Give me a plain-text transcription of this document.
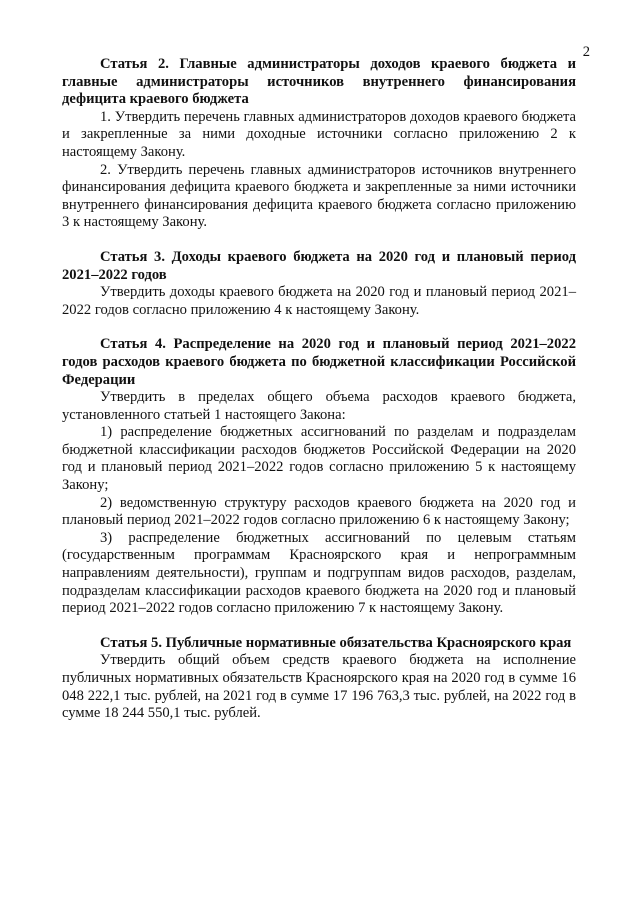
2

Статья 2. Главные администраторы доходов краевого бюджета и главные администраторы источников внутреннего финансирования дефицита краевого бюджета

1. Утвердить перечень главных администраторов доходов краевого бюджета и закрепленные за ними доходные источники согласно приложению 2 к настоящему Закону.

2. Утвердить перечень главных администраторов источников внутреннего финансирования дефицита краевого бюджета и закрепленные за ними источники внутреннего финансирования дефицита краевого бюджета согласно приложению 3 к настоящему Закону.

Статья 3. Доходы краевого бюджета на 2020 год и плановый период 2021–2022 годов

Утвердить доходы краевого бюджета на 2020 год и плановый период 2021–2022 годов согласно приложению 4 к настоящему Закону.

Статья 4. Распределение на 2020 год и плановый период 2021–2022 годов расходов краевого бюджета по бюджетной классификации Российской Федерации

Утвердить в пределах общего объема расходов краевого бюджета, установленного статьей 1 настоящего Закона:

1) распределение бюджетных ассигнований по разделам и подразделам бюджетной классификации расходов бюджетов Российской Федерации на 2020 год и плановый период 2021–2022 годов согласно приложению 5 к настоящему Закону;

2) ведомственную структуру расходов краевого бюджета на 2020 год и плановый период 2021–2022 годов согласно приложению 6 к настоящему Закону;

3) распределение бюджетных ассигнований по целевым статьям (государственным программам Красноярского края и непрограммным направлениям деятельности), группам и подгруппам видов расходов, разделам, подразделам классификации расходов краевого бюджета на 2020 год и плановый период 2021–2022 годов согласно приложению 7 к настоящему Закону.

Статья 5. Публичные нормативные обязательства Красноярского края

Утвердить общий объем средств краевого бюджета на исполнение публичных нормативных обязательств Красноярского края на 2020 год в сумме 16 048 222,1 тыс. рублей, на 2021 год в сумме 17 196 763,3 тыс. рублей, на 2022 год в сумме 18 244 550,1 тыс. рублей.
